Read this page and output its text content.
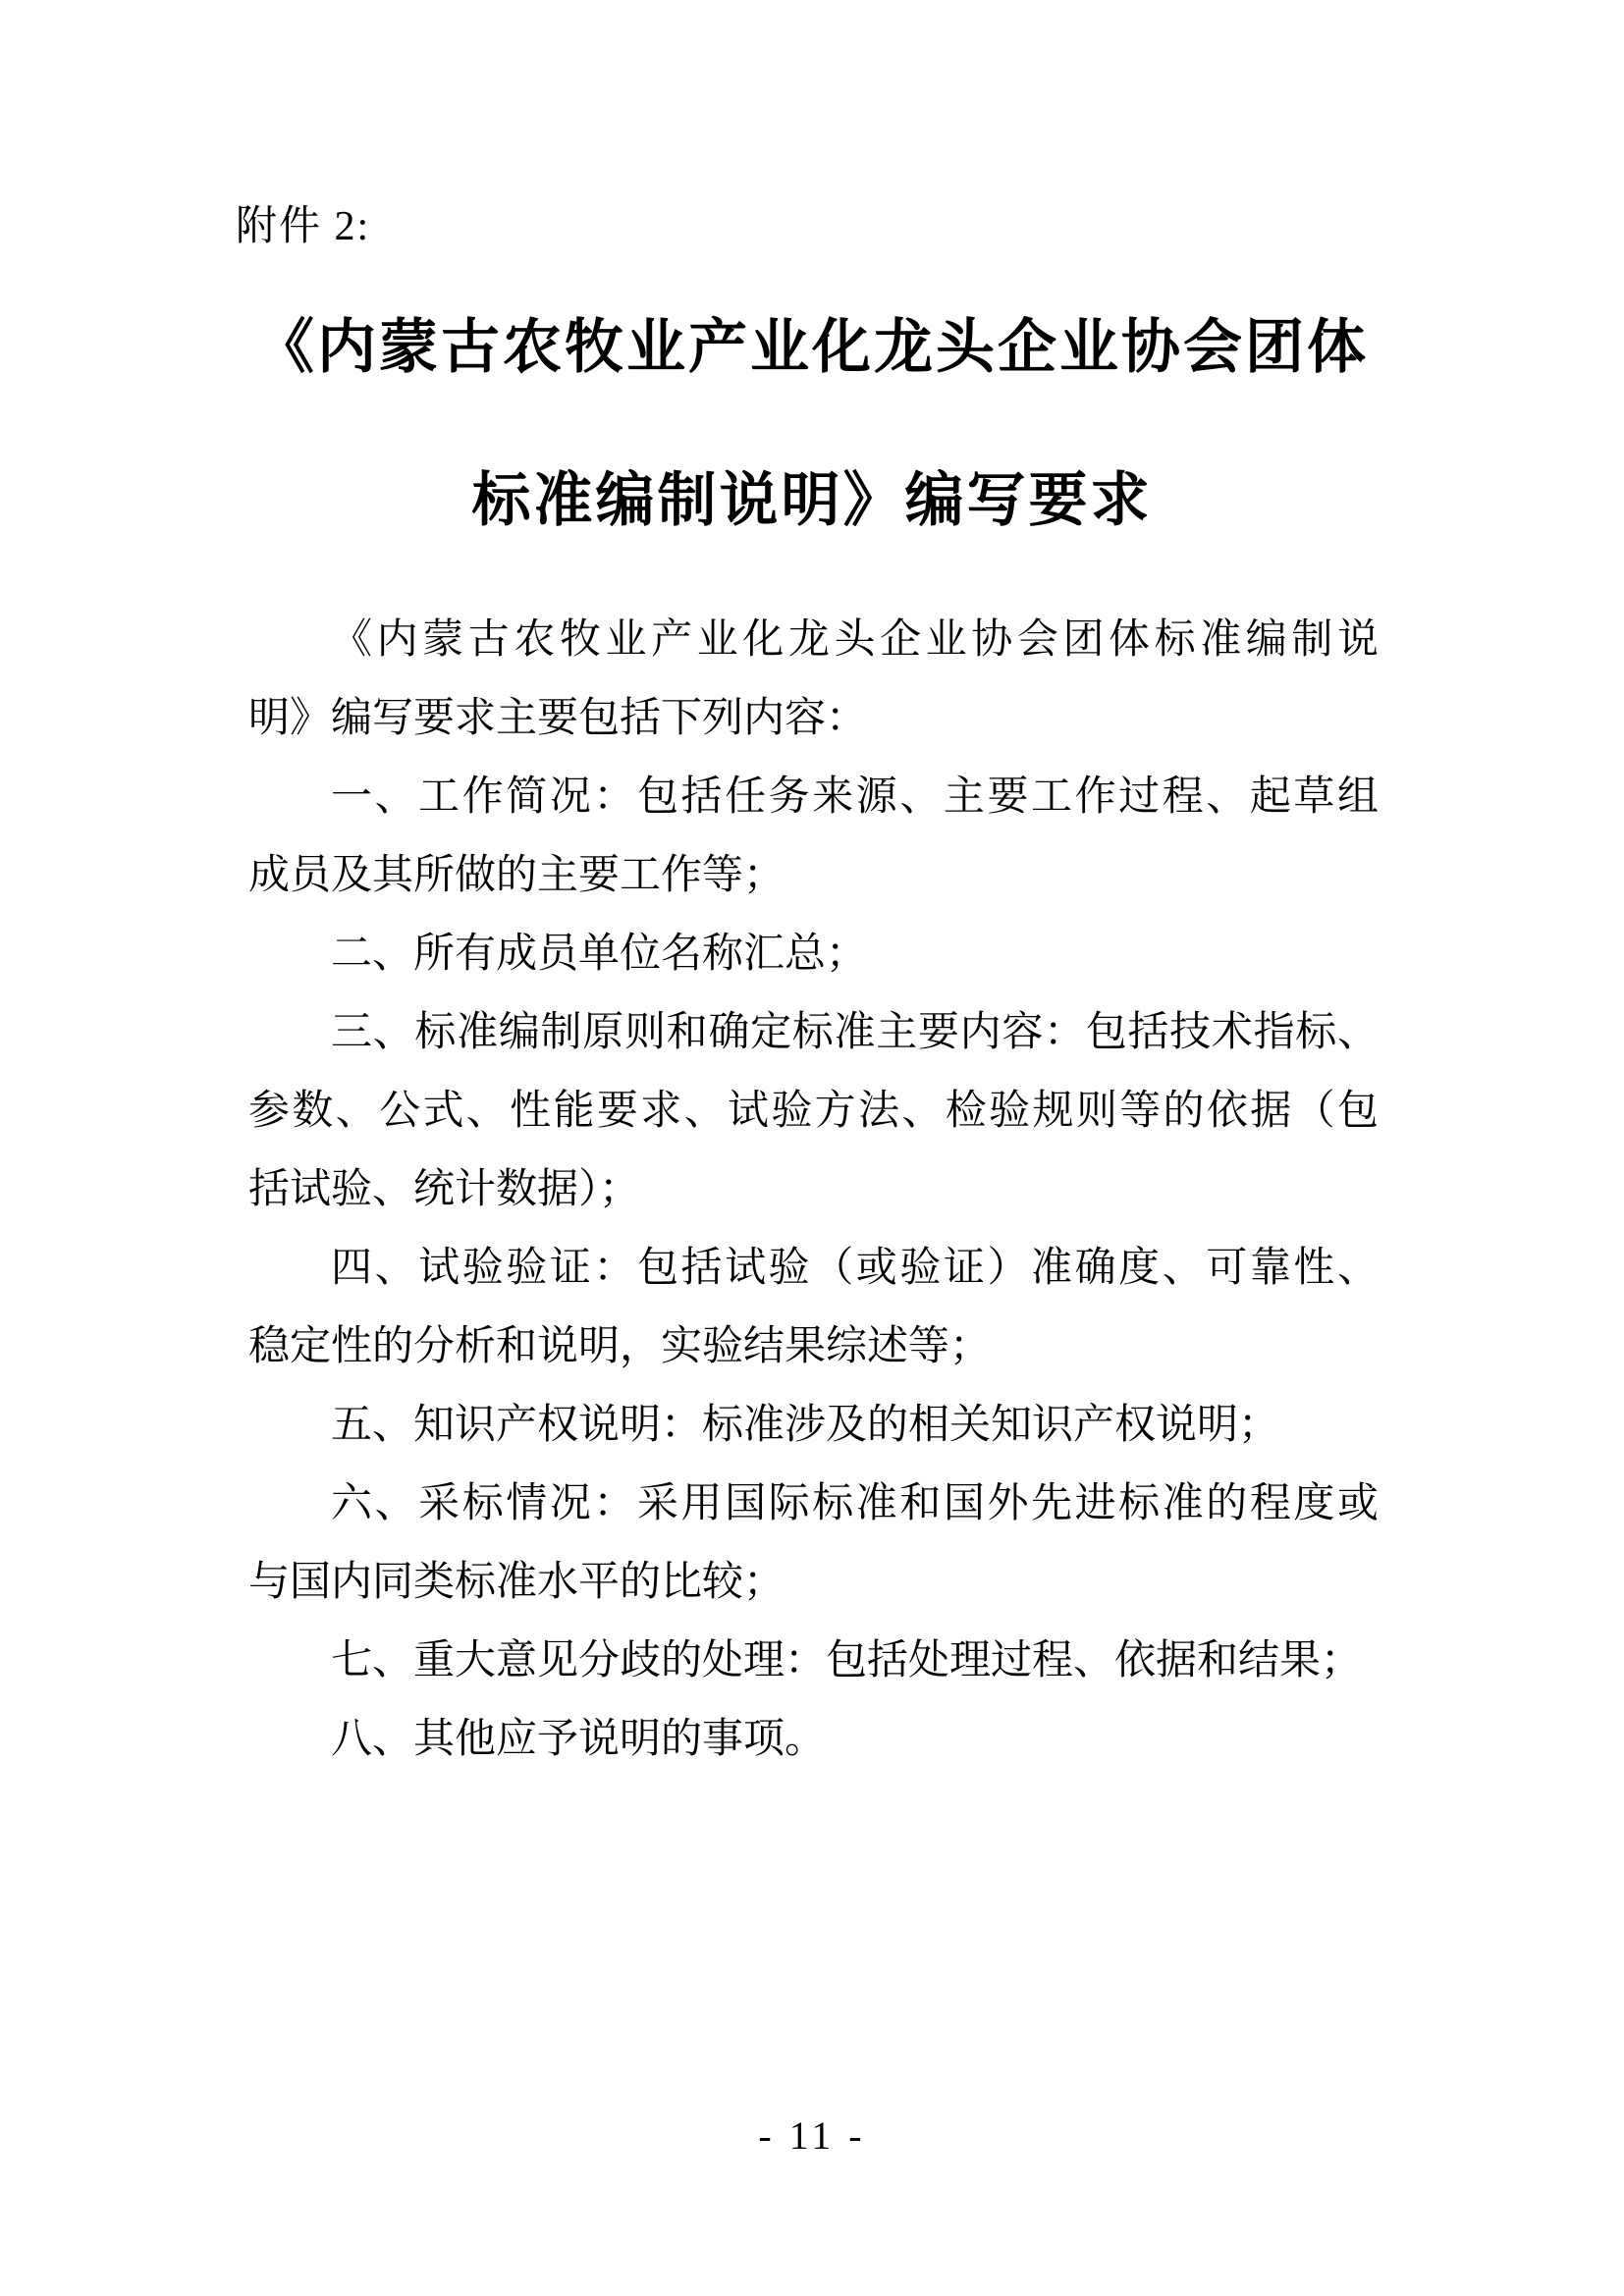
附件 2:
《内蒙古农牧业产业化龙头企业协会团体
标准编制说明》编写要求
《内蒙古农牧业产业化龙头企业协会团体标准编制说
明》编写要求主要包括下列内容：
一、工作简况：包括任务来源、主要工作过程、起草组
成员及其所做的主要工作等；
二、所有成员单位名称汇总；
三、标准编制原则和确定标准主要内容：包括技术指标、
参数、公式、性能要求、试验方法、检验规则等的依据（包
括试验、统计数据）；
四、试验验证：包括试验（或验证）准确度、可靠性、
稳定性的分析和说明，实验结果综述等；
五、知识产权说明：标准涉及的相关知识产权说明；
六、采标情况：采用国际标准和国外先进标准的程度或
与国内同类标准水平的比较；
七、重大意见分歧的处理：包括处理过程、依据和结果；
八、其他应予说明的事项。
- 11 -
